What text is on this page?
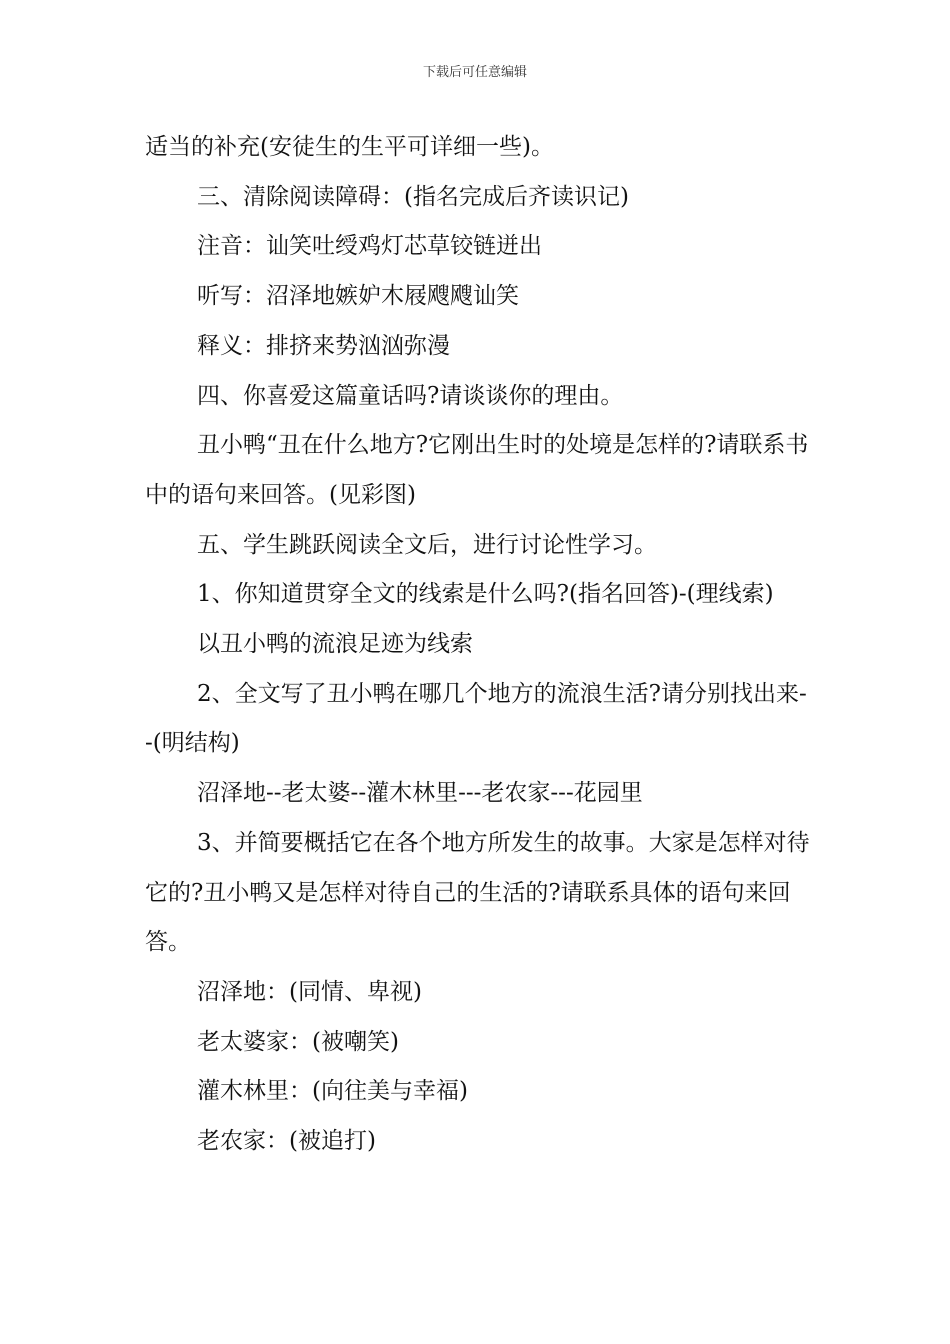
下载后可任意编辑

适当的补充(安徒生的生平可详细一些)。

三、清除阅读障碍：(指名完成后齐读识记)

注音：讪笑吐绶鸡灯芯草铰链迸出

听写：沼泽地嫉妒木屐飕飕讪笑

释义：排挤来势汹汹弥漫

四、你喜爱这篇童话吗?请谈谈你的理由。

丑小鸭“丑在什么地方?它刚出生时的处境是怎样的?请联系书中的语句来回答。(见彩图)

五、学生跳跃阅读全文后，进行讨论性学习。

1、你知道贯穿全文的线索是什么吗?(指名回答)-(理线索)

以丑小鸭的流浪足迹为线索

2、全文写了丑小鸭在哪几个地方的流浪生活?请分别找出来--(明结构)

沼泽地--老太婆--灌木林里---老农家---花园里

3、并简要概括它在各个地方所发生的故事。大家是怎样对待它的?丑小鸭又是怎样对待自己的生活的?请联系具体的语句来回答。

沼泽地：(同情、卑视)

老太婆家：(被嘲笑)

灌木林里：(向往美与幸福)

老农家：(被追打)
